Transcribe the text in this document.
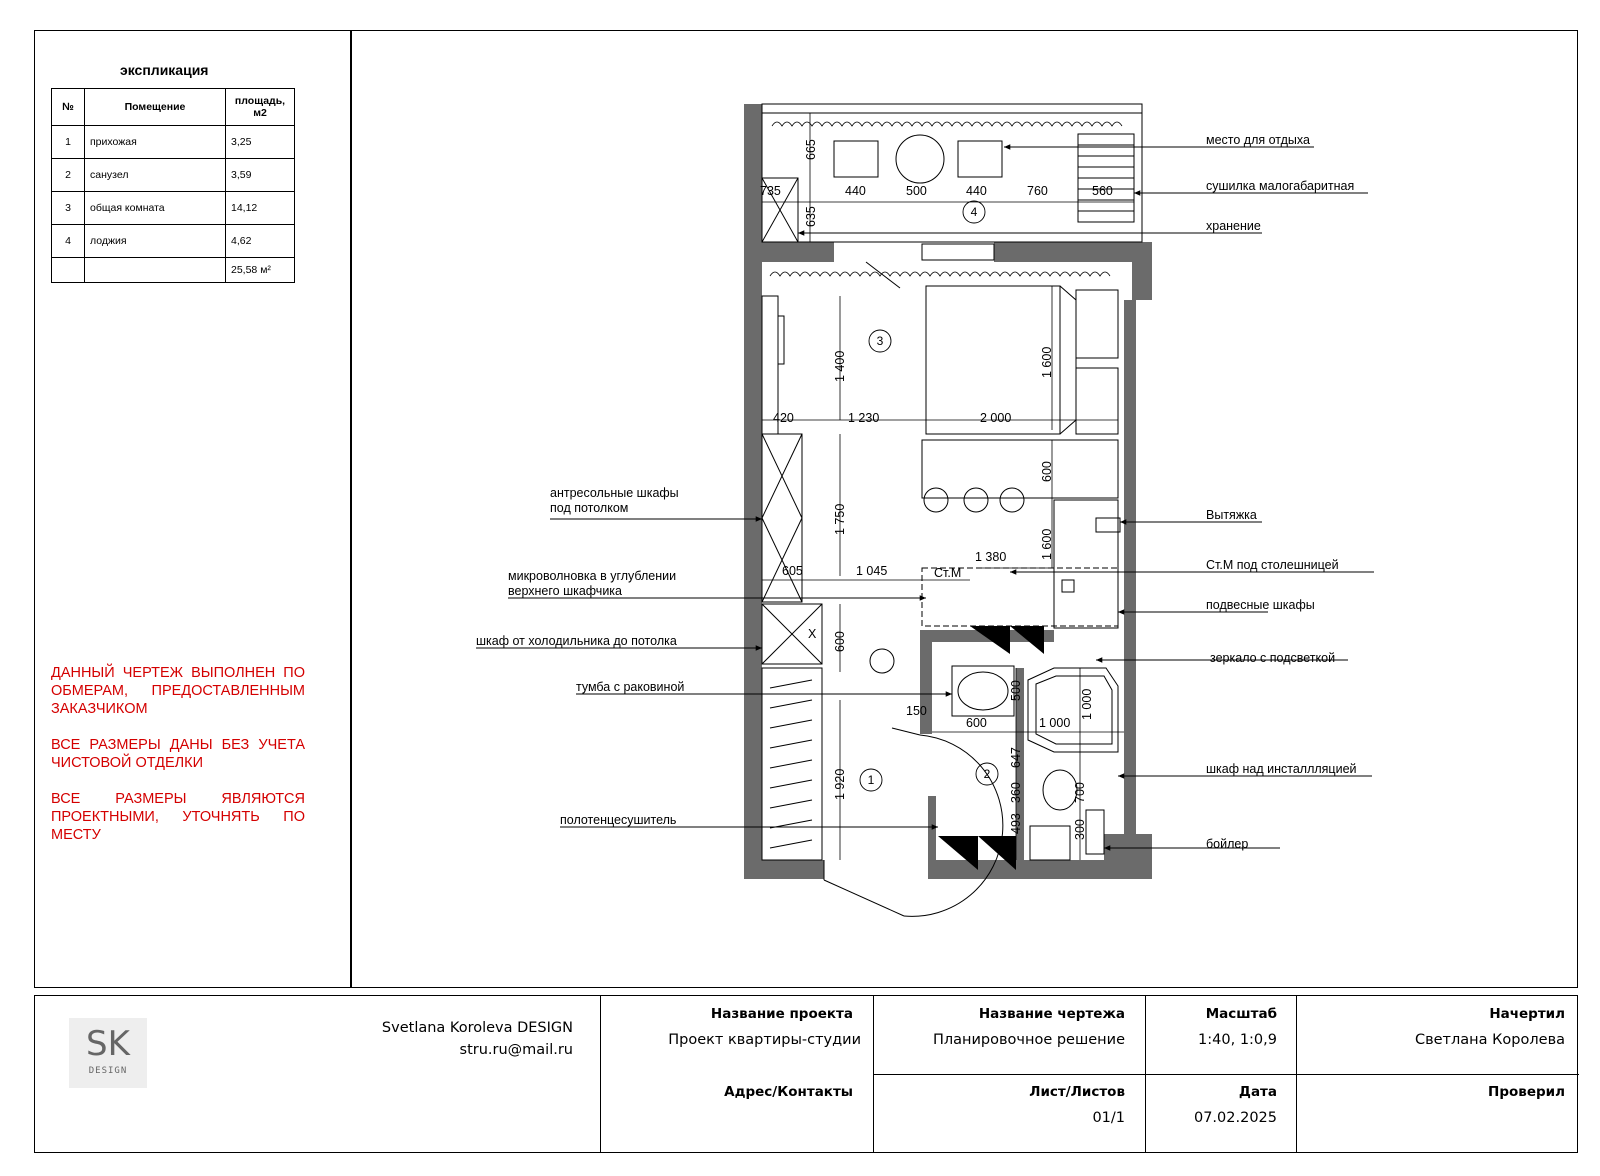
экспликация
№	Помещение	площадь, м2
1	прихожая	3,25
2	санузел	3,59
3	общая комната	14,12
4	лоджия	4,62
		25,58 м²

ДАННЫЙ ЧЕРТЕЖ ВЫПОЛНЕН ПО ОБМЕРАМ, ПРЕДОСТАВЛЕННЫМ ЗАКАЗЧИКОМ

ВСЕ РАЗМЕРЫ ДАНЫ БЕЗ УЧЕТА ЧИСТОВОЙ ОТДЕЛКИ

ВСЕ РАЗМЕРЫ ЯВЛЯЮТСЯ ПРОЕКТНЫМИ, УТОЧНЯТЬ ПО МЕСТУ

4
3
2
1
665
735	440	500	440	760	560
635
1 400	1 600
420	1 230	2 000
600
1 750
1 600
1 380
605	1 045	Ст.М
600
X
500	1 000
150
600	1 000
647
1 920	360	700
493	300
место для отдыха
сушилка малогабаритная
хранение
антресольные шкафы
под потолком	Вытяжка
Ст.М под столешницей
микроволновка в углублении
верхнего шкафчика
подвесные шкафы
шкаф от холодильника до потолка
зеркало с подсветкой
тумба с раковиной
шкаф над инсталлляцией
полотенцесушитель
бойлер
SK
DESIGN
Svetlana Koroleva DESIGN
stru.ru@mail.ru
Название проекта
Проект квартиры-студии
Адрес/Контакты
Название чертежа
Планировочное решение
Лист/Листов
01/1
Масштаб
1:40, 1:0,9
Дата
07.02.2025
Начертил
Светлана Королева
Проверил
